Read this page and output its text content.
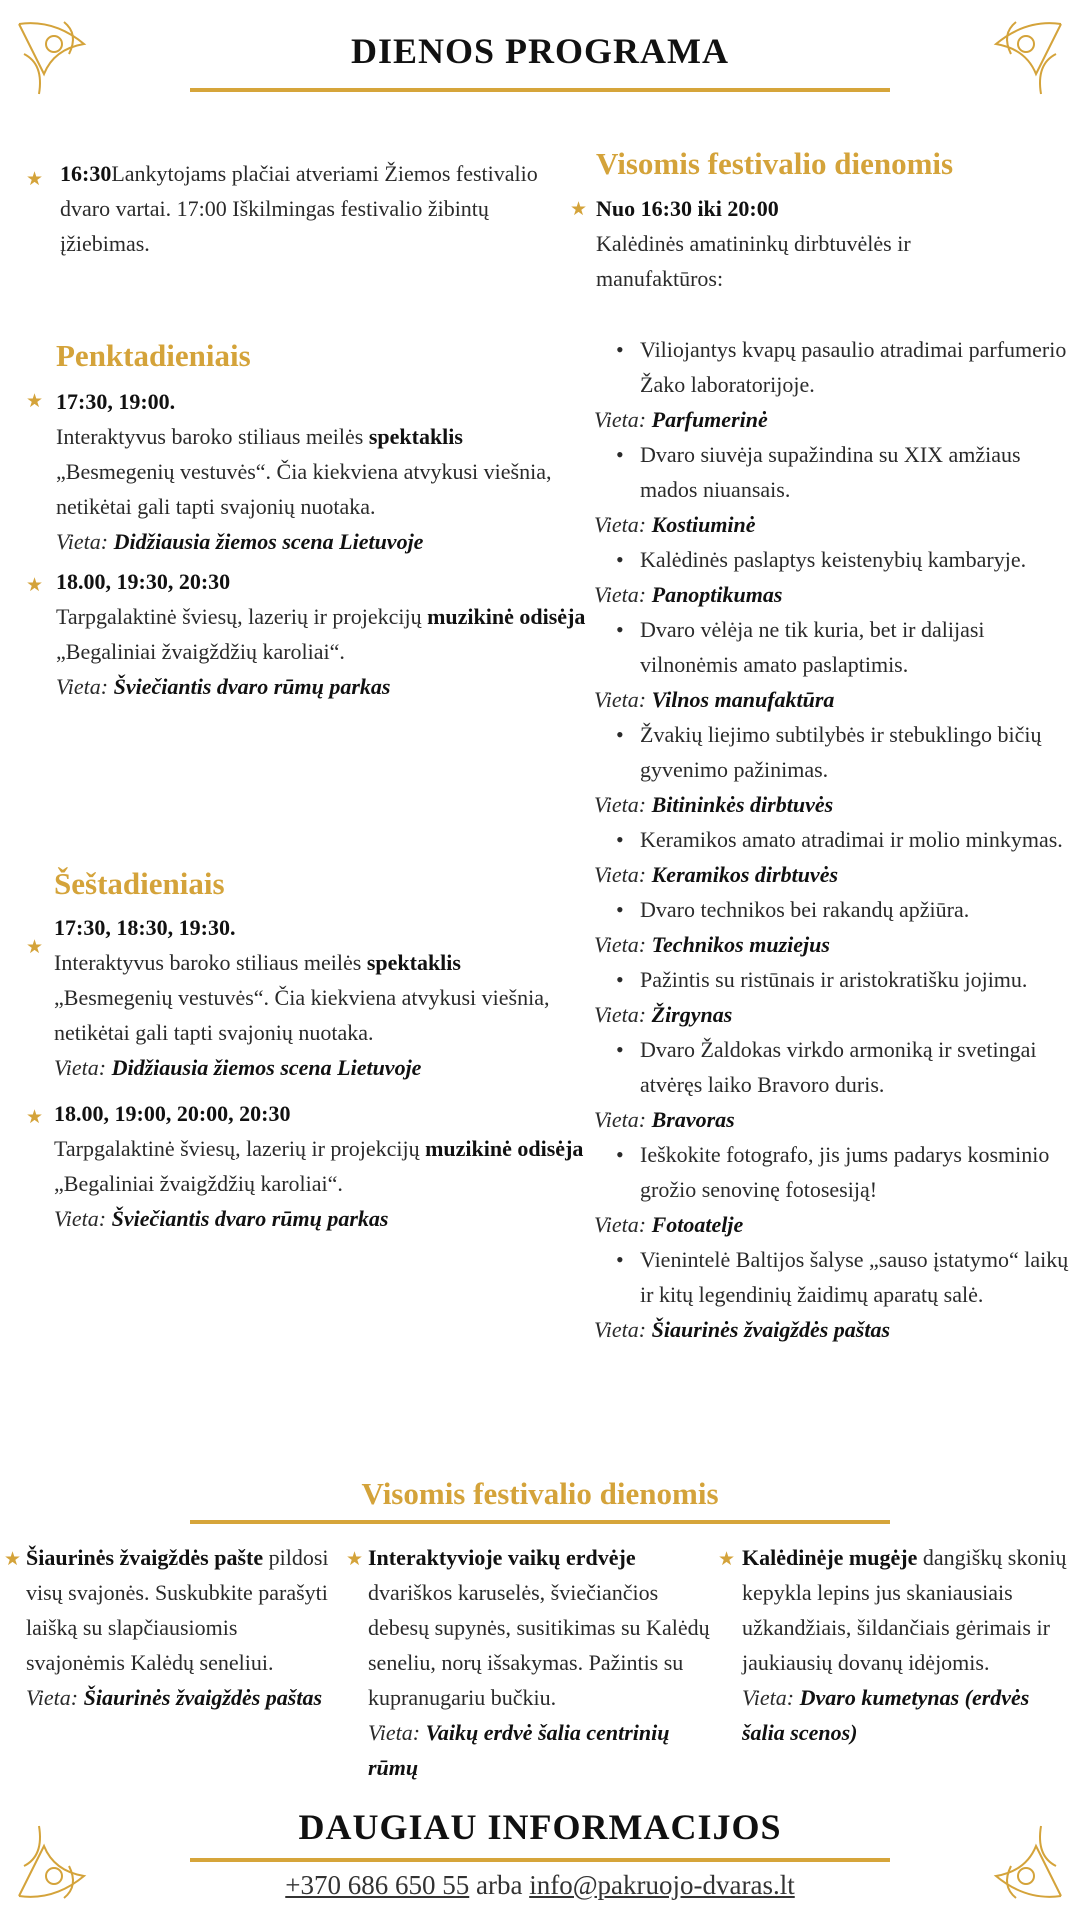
DIENOS PROGRAMA
★ 16:30Lankytojams plačiai atveriami Žiemos festivalio dvaro vartai. 17:00 Iškilmingas festivalio žibintų įžiebimas.
Penktadieniais
★ 17:30, 19:00.
Interaktyvus baroko stiliaus meilės spektaklis „Besmegenių vestuvės“. Čia kiekviena atvykusi viešnia, netikėtai gali tapti svajonių nuotaka.
Vieta: Didžiausia žiemos scena Lietuvoje
★ 18.00, 19:30, 20:30
Tarpgalaktinė šviesų, lazerių ir projekcijų muzikinė odisėja „Begaliniai žvaigždžių karoliai“.
Vieta: Šviečiantis dvaro rūmų parkas
Šeštadieniais
★
17:30, 18:30, 19:30.
Interaktyvus baroko stiliaus meilės spektaklis „Besmegenių vestuvės“. Čia kiekviena atvykusi viešnia, netikėtai gali tapti svajonių nuotaka.
Vieta: Didžiausia žiemos scena Lietuvoje
★ 18.00, 19:00, 20:00, 20:30
Tarpgalaktinė šviesų, lazerių ir projekcijų muzikinė odisėja „Begaliniai žvaigždžių karoliai“.
Vieta: Šviečiantis dvaro rūmų parkas
Visomis festivalio dienomis
★ Nuo 16:30 iki 20:00
Kalėdinės amatininkų dirbtuvėlės ir manufaktūros:
• Viliojantys kvapų pasaulio atradimai parfumerio Žako laboratorijoje.
Vieta: Parfumerinė
• Dvaro siuvėja supažindina su XIX amžiaus mados niuansais.
Vieta: Kostiuminė
• Kalėdinės paslaptys keistenybių kambaryje.
Vieta: Panoptikumas
• Dvaro vėlėja ne tik kuria, bet ir dalijasi vilnonėmis amato paslaptimis.
Vieta: Vilnos manufaktūra
• Žvakių liejimo subtilybės ir stebuklingo bičių gyvenimo pažinimas.
Vieta: Bitininkės dirbtuvės
• Keramikos amato atradimai ir molio minkymas.
Vieta: Keramikos dirbtuvės
• Dvaro technikos bei rakandų apžiūra.
Vieta: Technikos muziejus
• Pažintis su ristūnais ir aristokratišku jojimu.
Vieta: Žirgynas
• Dvaro Žaldokas virkdo armoniką ir svetingai atvėręs laiko Bravoro duris.
Vieta: Bravoras
• Ieškokite fotografo, jis jums padarys kosminio grožio senovinę fotosesiją!
Vieta: Fotoatelje
• Vienintelė Baltijos šalyse „sauso įstatymo“ laikų ir kitų legendinių žaidimų aparatų salė.
Vieta: Šiaurinės žvaigždės paštas
Visomis festivalio dienomis
★ Šiaurinės žvaigždės pašte pildosi visų svajonės. Suskubkite parašyti laišką su slapčiausiomis svajonėmis Kalėdų seneliui.
Vieta: Šiaurinės žvaigždės paštas
★ Interaktyvioje vaikų erdvėje dvariškos karuselės, šviečiančios debesų supynės, susitikimas su Kalėdų seneliu, norų išsakymas. Pažintis su kupranugariu bučkiu.
Vieta: Vaikų erdvė šalia centrinių rūmų
★ Kalėdinėje mugėje dangiškų skonių kepykla lepins jus skaniausiais užkandžiais, šildančiais gėrimais ir jaukiausių dovanų idėjomis.
Vieta: Dvaro kumetynas (erdvės šalia scenos)
DAUGIAU INFORMACIJOS
+370 686 650 55 arba info@pakruojo-dvaras.lt
